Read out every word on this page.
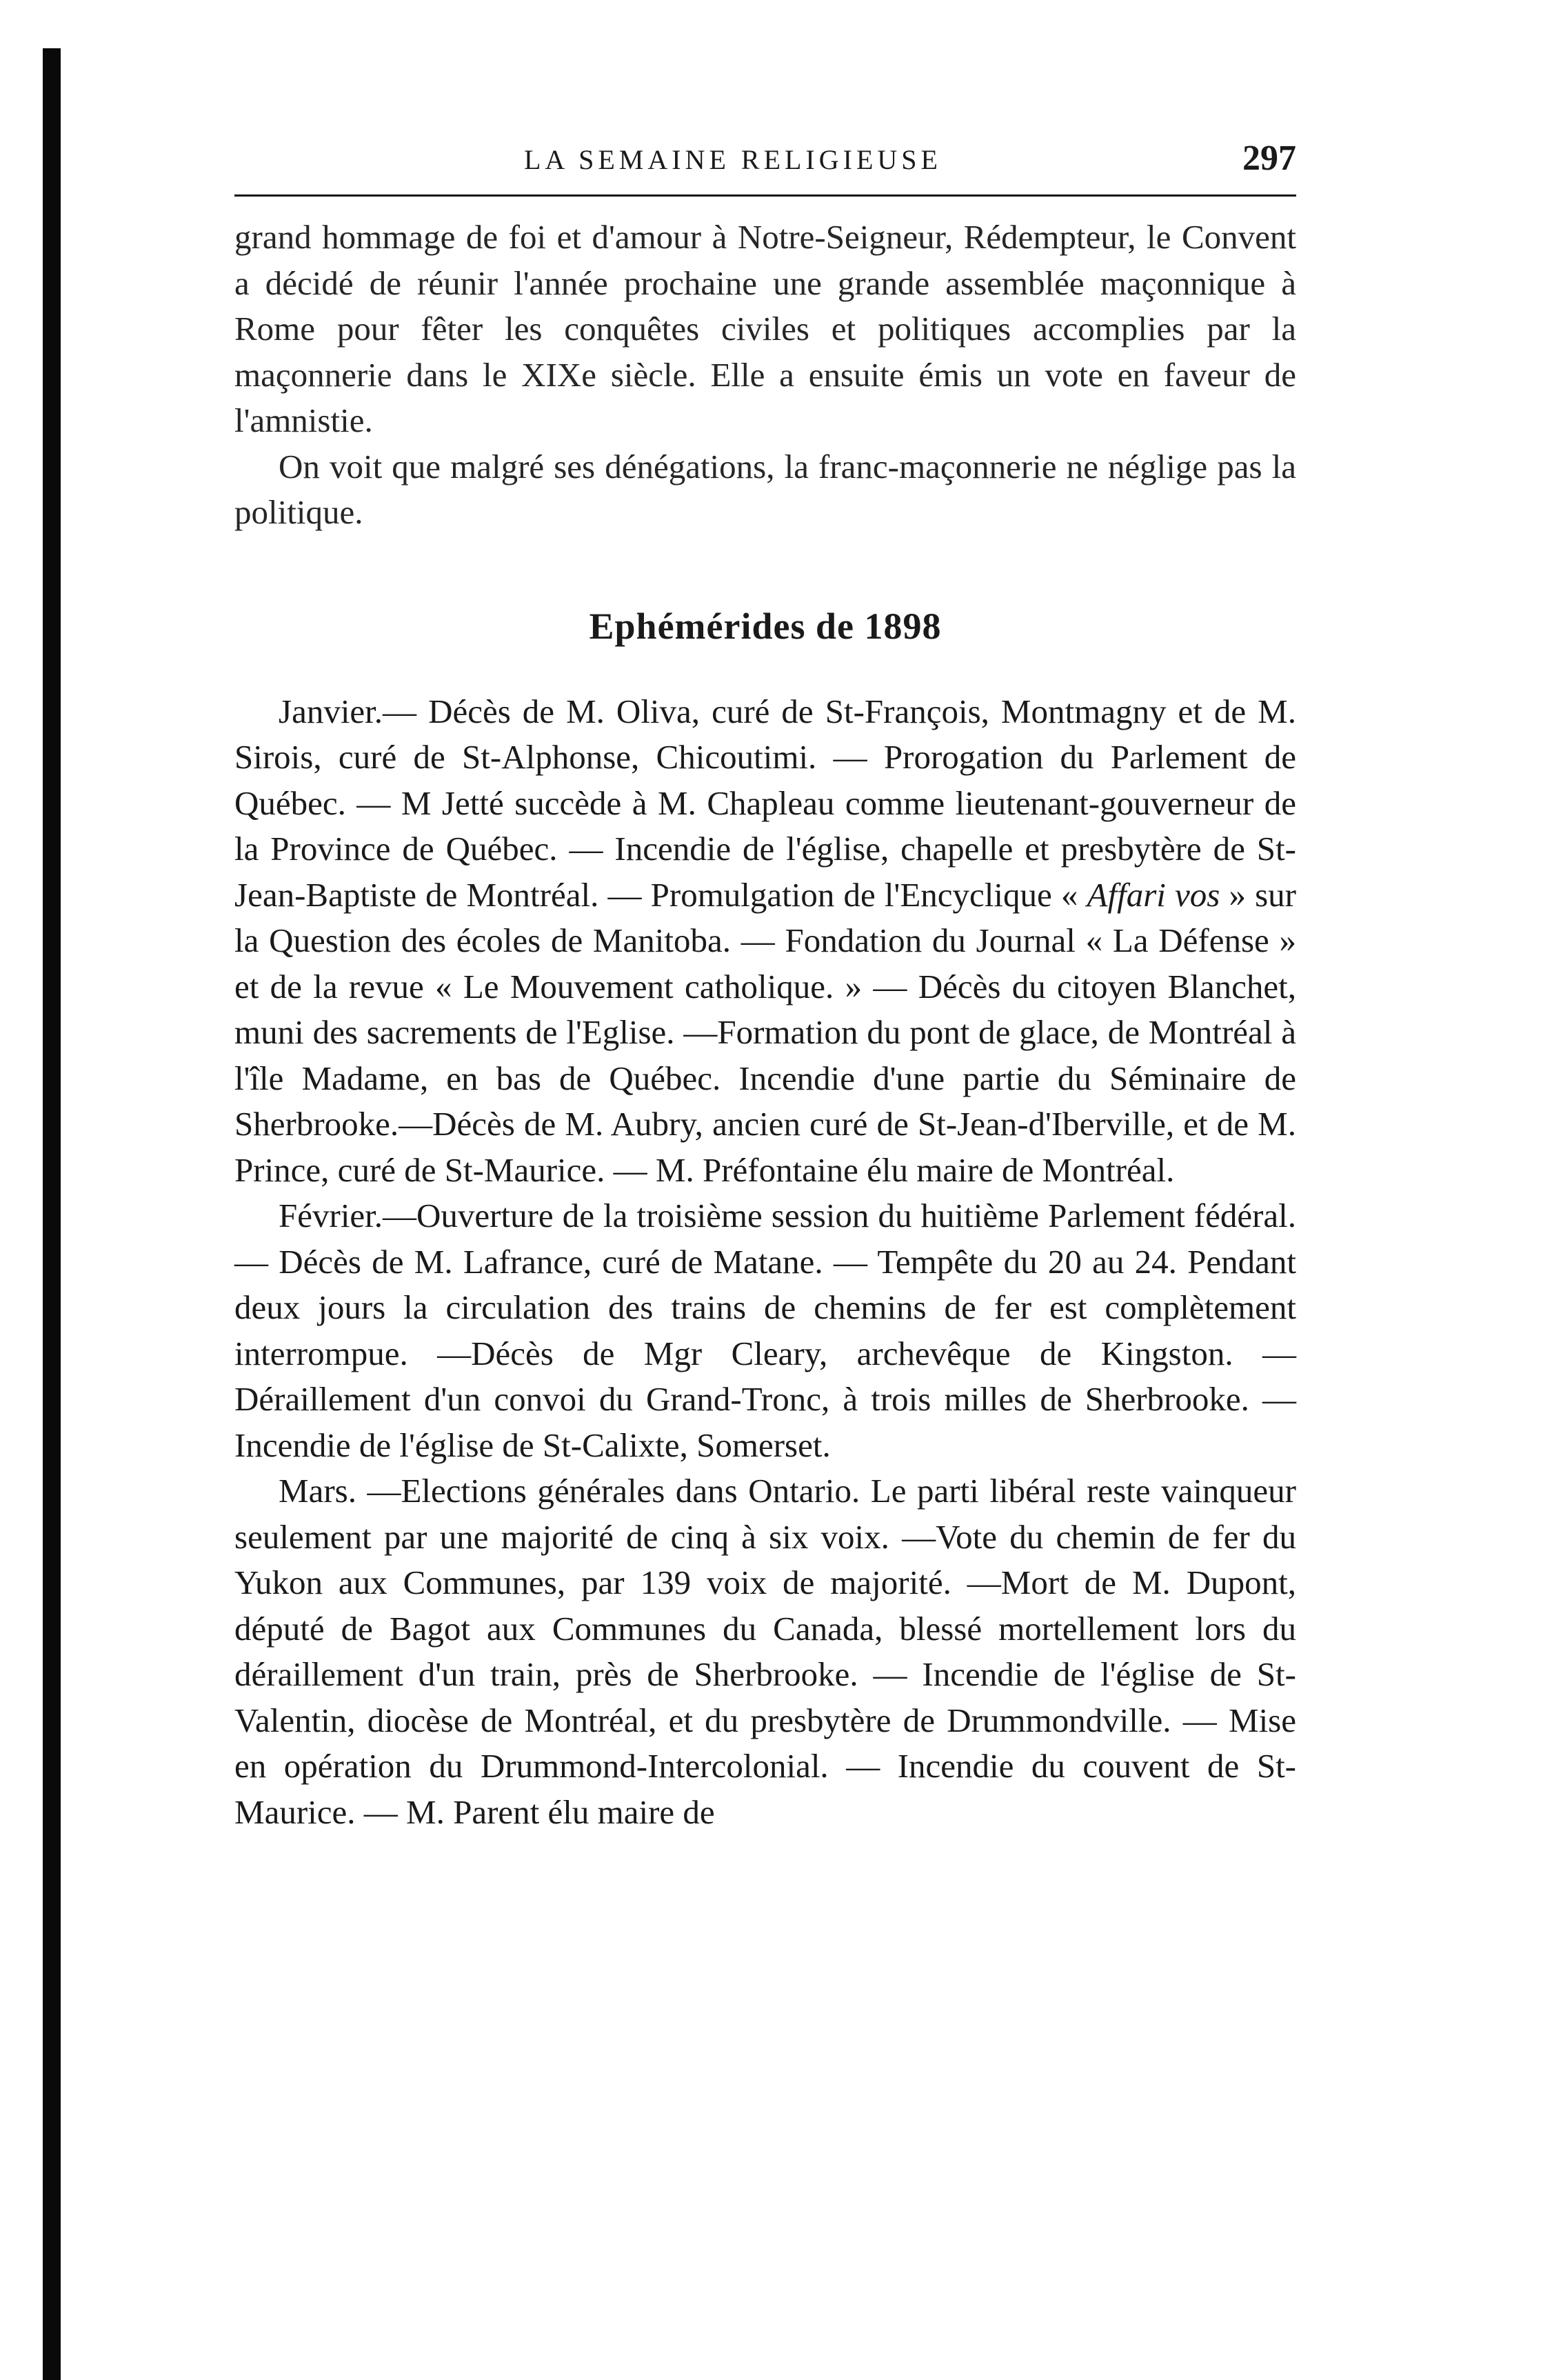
LA SEMAINE RELIGIEUSE	297

grand hommage de foi et d'amour à Notre-Seigneur, Rédempteur, le Convent a décidé de réunir l'année prochaine une grande assemblée maçonnique à Rome pour fêter les conquêtes civiles et politiques accomplies par la maçonnerie dans le XIXe siècle. Elle a ensuite émis un vote en faveur de l'amnistie.

On voit que malgré ses dénégations, la franc-maçonnerie ne néglige pas la politique.

Ephémérides de 1898

Janvier.— Décès de M. Oliva, curé de St-François, Montmagny et de M. Sirois, curé de St-Alphonse, Chicoutimi. — Prorogation du Parlement de Québec. — M Jetté succède à M. Chapleau comme lieutenant-gouverneur de la Province de Québec. — Incendie de l'église, chapelle et presbytère de St-Jean-Baptiste de Montréal. — Promulgation de l'Encyclique « Affari vos » sur la Question des écoles de Manitoba. — Fondation du Journal « La Défense » et de la revue « Le Mouvement catholique. » — Décès du citoyen Blanchet, muni des sacrements de l'Eglise. —Formation du pont de glace, de Montréal à l'île Madame, en bas de Québec. Incendie d'une partie du Séminaire de Sherbrooke.—Décès de M. Aubry, ancien curé de St-Jean-d'Iberville, et de M. Prince, curé de St-Maurice. — M. Préfontaine élu maire de Montréal.

Février.—Ouverture de la troisième session du huitième Parlement fédéral. — Décès de M. Lafrance, curé de Matane. — Tempête du 20 au 24. Pendant deux jours la circulation des trains de chemins de fer est complètement interrompue. —Décès de Mgr Cleary, archevêque de Kingston. — Déraillement d'un convoi du Grand-Tronc, à trois milles de Sherbrooke. — Incendie de l'église de St-Calixte, Somerset.

Mars. —Elections générales dans Ontario. Le parti libéral reste vainqueur seulement par une majorité de cinq à six voix. —Vote du chemin de fer du Yukon aux Communes, par 139 voix de majorité. —Mort de M. Dupont, député de Bagot aux Communes du Canada, blessé mortellement lors du déraillement d'un train, près de Sherbrooke. — Incendie de l'église de St-Valentin, diocèse de Montréal, et du presbytère de Drummondville. — Mise en opération du Drummond-Intercolonial. — Incendie du couvent de St-Maurice. — M. Parent élu maire de
